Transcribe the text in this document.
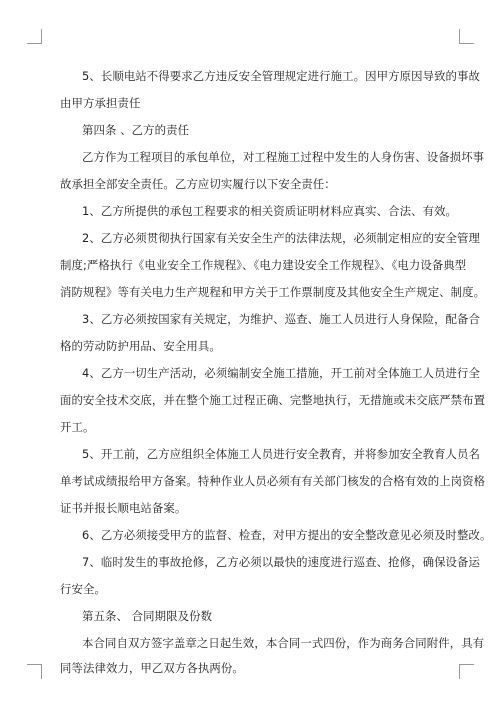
5、长顺电站不得要求乙方违反安全管理规定进行施工。因甲方原因导致的事故
由甲方承担责任
第四条 、乙方的责任
乙方作为工程项目的承包单位，对工程施工过程中发生的人身伤害、设备损坏事
故承担全部安全责任。乙方应切实履行以下安全责任：
1、乙方所提供的承包工程要求的相关资质证明材料应真实、合法、有效。
2、乙方必须贯彻执行国家有关安全生产的法律法规，必须制定相应的安全管理
制度;严格执行《电业安全工作规程》、《电力建设安全工作规程》、《电力设备典型
消防规程》等有关电力生产规程和甲方关于工作票制度及其他安全生产规定、制度。
3、乙方必须按国家有关规定，为维护、巡查、施工人员进行人身保险，配备合
格的劳动防护用品、安全用具。
4、乙方一切生产活动，必须编制安全施工措施，开工前对全体施工人员进行全
面的安全技术交底，并在整个施工过程正确、完整地执行，无措施或未交底严禁布置
开工。
5、开工前，乙方应组织全体施工人员进行安全教育，并将参加安全教育人员名
单考试成绩报给甲方备案。特种作业人员必须有有关部门核发的合格有效的上岗资格
证书并报长顺电站备案。
6、乙方必须接受甲方的监督、检查，对甲方提出的安全整改意见必须及时整改。
7、临时发生的事故抢修，乙方必须以最快的速度进行巡查、抢修，确保设备运
行安全。
第五条、 合同期限及份数
本合同自双方签字盖章之日起生效，本合同一式四份，作为商务合同附件，具有
同等法律效力，甲乙双方各执两份。
